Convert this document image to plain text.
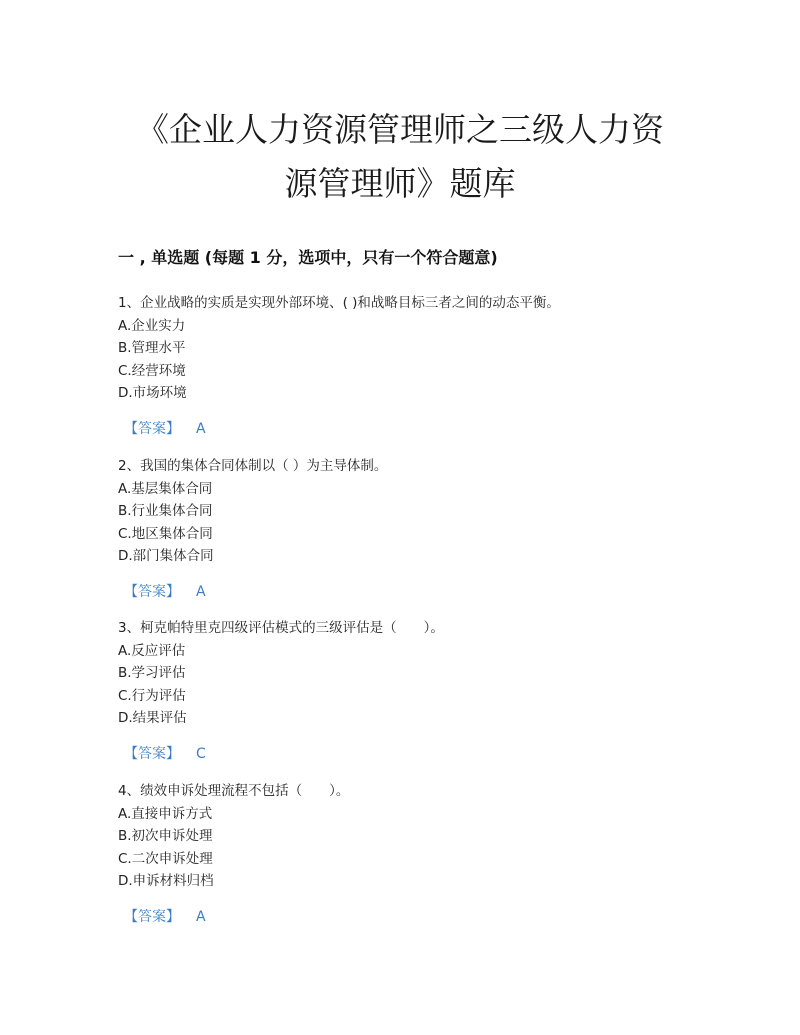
《企业人力资源管理师之三级人力资
源管理师》题库
一 , 单选题 (每题 1 分，选项中，只有一个符合题意)
1、企业战略的实质是实现外部环境、( )和战略目标三者之间的动态平衡。
A.企业实力
B.管理水平
C.经营环境
D.市场环境
【答案】 A
2、我国的集体合同体制以（ ）为主导体制。
A.基层集体合同
B.行业集体合同
C.地区集体合同
D.部门集体合同
【答案】 A
3、柯克帕特里克四级评估模式的三级评估是（　　）。
A.反应评估
B.学习评估
C.行为评估
D.结果评估
【答案】 C
4、绩效申诉处理流程不包括（　　）。
A.直接申诉方式
B.初次申诉处理
C.二次申诉处理
D.申诉材料归档
【答案】 A
